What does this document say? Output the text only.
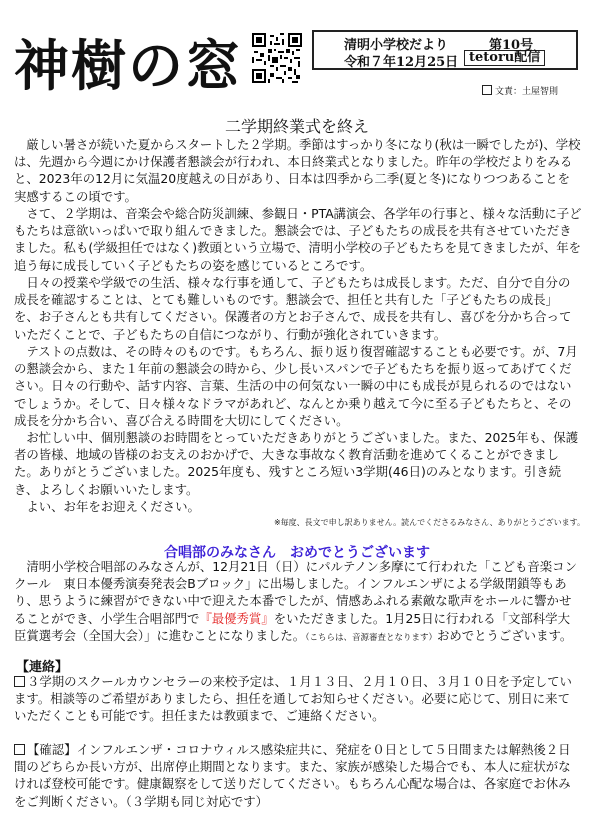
神樹の窓	清明小学校だより
令和７年12月25日
第10号
tetoru配信
文責：土屋智則
二学期終業式を終え

　厳しい暑さが続いた夏からスタートした２学期。季節はすっかり冬になり(秋は一瞬でしたが)、学校は、先週から今週にかけ保護者懇談会が行われ、本日終業式となりました。昨年の学校だよりをみると、2023年の12月に気温20度越えの日があり、日本は四季から二季(夏と冬)になりつつあることを実感するこの頃です。

　さて、２学期は、音楽会や総合防災訓練、参観日・PTA講演会、各学年の行事と、様々な活動に子どもたちは意欲いっぱいで取り組んできました。懇談会では、子どもたちの成長を共有させていただきました。私も(学級担任ではなく)教頭という立場で、清明小学校の子どもたちを見てきましたが、年を追う毎に成長していく子どもたちの姿を感じているところです。

　日々の授業や学級での生活、様々な行事を通して、子どもたちは成長します。ただ、自分で自分の成長を確認することは、とても難しいものです。懇談会で、担任と共有した「子どもたちの成長」を、お子さんとも共有してください。保護者の方とお子さんで、成長を共有し、喜びを分かち合っていただくことで、子どもたちの自信につながり、行動が強化されていきます。

　テストの点数は、その時々のものです。もちろん、振り返り復習確認することも必要です。が、7月の懇談会から、また１年前の懇談会の時から、少し長いスパンで子どもたちを振り返ってあげてください。日々の行動や、話す内容、言葉、生活の中の何気ない一瞬の中にも成長が見られるのではないでしょうか。そして、日々様々なドラマがあれど、なんとか乗り越えて今に至る子どもたちと、その成長を分かち合い、喜び合える時間を大切にしてください。

　お忙しい中、個別懇談のお時間をとっていただきありがとうございました。また、2025年も、保護者の皆様、地域の皆様のお支えのおかげで、大きな事故なく教育活動を進めてくることができました。ありがとうございました。2025年度も、残すところ短い3学期(46日)のみとなります。引き続き、よろしくお願いいたします。

　よい、お年をお迎えください。

※毎度、長文で申し訳ありません。読んでくださるみなさん、ありがとうございます。
合唱部のみなさん　おめでとうございます

　清明小学校合唱部のみなさんが、12月21日（日）にパルテノン多摩にて行われた「こども音楽コンクール　東日本優秀演奏発表会Bブロック」に出場しました。インフルエンザによる学級閉鎖等もあり、思うように練習ができない中で迎えた本番でしたが、情感あふれる素敵な歌声をホールに響かせることができ、小学生合唱部門で『最優秀賞』をいただきました。1月25日に行われる「文部科学大臣賞選考会（全国大会）」に進むことになりました。（こちらは、音源審査となります）おめでとうございます。

【連絡】

３学期のスクールカウンセラーの来校予定は、１月１３日、２月１０日、３月１０日を予定しています。相談等のご希望がありましたら、担任を通してお知らせください。必要に応じて、別日に来ていただくことも可能です。担任または教頭まで、ご連絡ください。

【確認】インフルエンザ・コロナウィルス感染症共に、発症を０日として５日間または解熱後２日間のどちらか長い方が、出席停止期間となります。また、家族が感染した場合でも、本人に症状がなければ登校可能です。健康観察をして送りだしてください。もちろん心配な場合は、各家庭でお休みをご判断ください。（３学期も同じ対応です）
